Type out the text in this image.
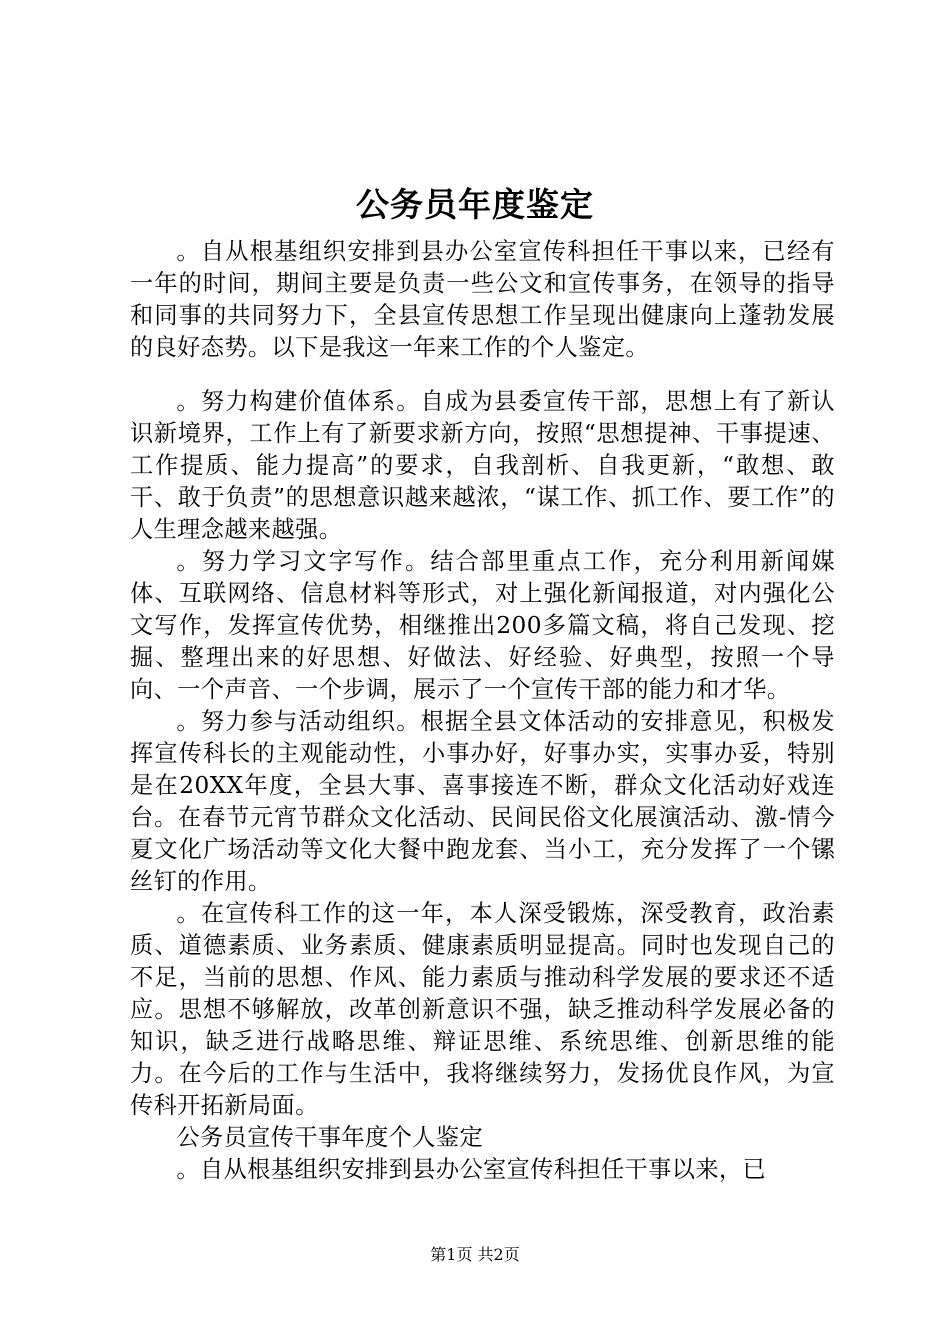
公务员年度鉴定

。自从根基组织安排到县办公室宣传科担任干事以来，已经有一年的时间，期间主要是负责一些公文和宣传事务，在领导的指导和同事的共同努力下，全县宣传思想工作呈现出健康向上蓬勃发展的良好态势。以下是我这一年来工作的个人鉴定。

。努力构建价值体系。自成为县委宣传干部，思想上有了新认识新境界，工作上有了新要求新方向，按照“思想提神、干事提速、工作提质、能力提高”的要求，自我剖析、自我更新，“敢想、敢干、敢于负责”的思想意识越来越浓，“谋工作、抓工作、要工作”的人生理念越来越强。

。努力学习文字写作。结合部里重点工作，充分利用新闻媒体、互联网络、信息材料等形式，对上强化新闻报道，对内强化公文写作，发挥宣传优势，相继推出200多篇文稿，将自己发现、挖掘、整理出来的好思想、好做法、好经验、好典型，按照一个导向、一个声音、一个步调，展示了一个宣传干部的能力和才华。

。努力参与活动组织。根据全县文体活动的安排意见，积极发挥宣传科长的主观能动性，小事办好，好事办实，实事办妥，特别是在20XX年度，全县大事、喜事接连不断，群众文化活动好戏连台。在春节元宵节群众文化活动、民间民俗文化展演活动、激-情今夏文化广场活动等文化大餐中跑龙套、当小工，充分发挥了一个镙丝钉的作用。

。在宣传科工作的这一年，本人深受锻炼，深受教育，政治素质、道德素质、业务素质、健康素质明显提高。同时也发现自己的不足，当前的思想、作风、能力素质与推动科学发展的要求还不适应。思想不够解放，改革创新意识不强，缺乏推动科学发展必备的知识，缺乏进行战略思维、辩证思维、系统思维、创新思维的能力。在今后的工作与生活中，我将继续努力，发扬优良作风，为宣传科开拓新局面。

公务员宣传干事年度个人鉴定

。自从根基组织安排到县办公室宣传科担任干事以来，已

第1页 共2页
